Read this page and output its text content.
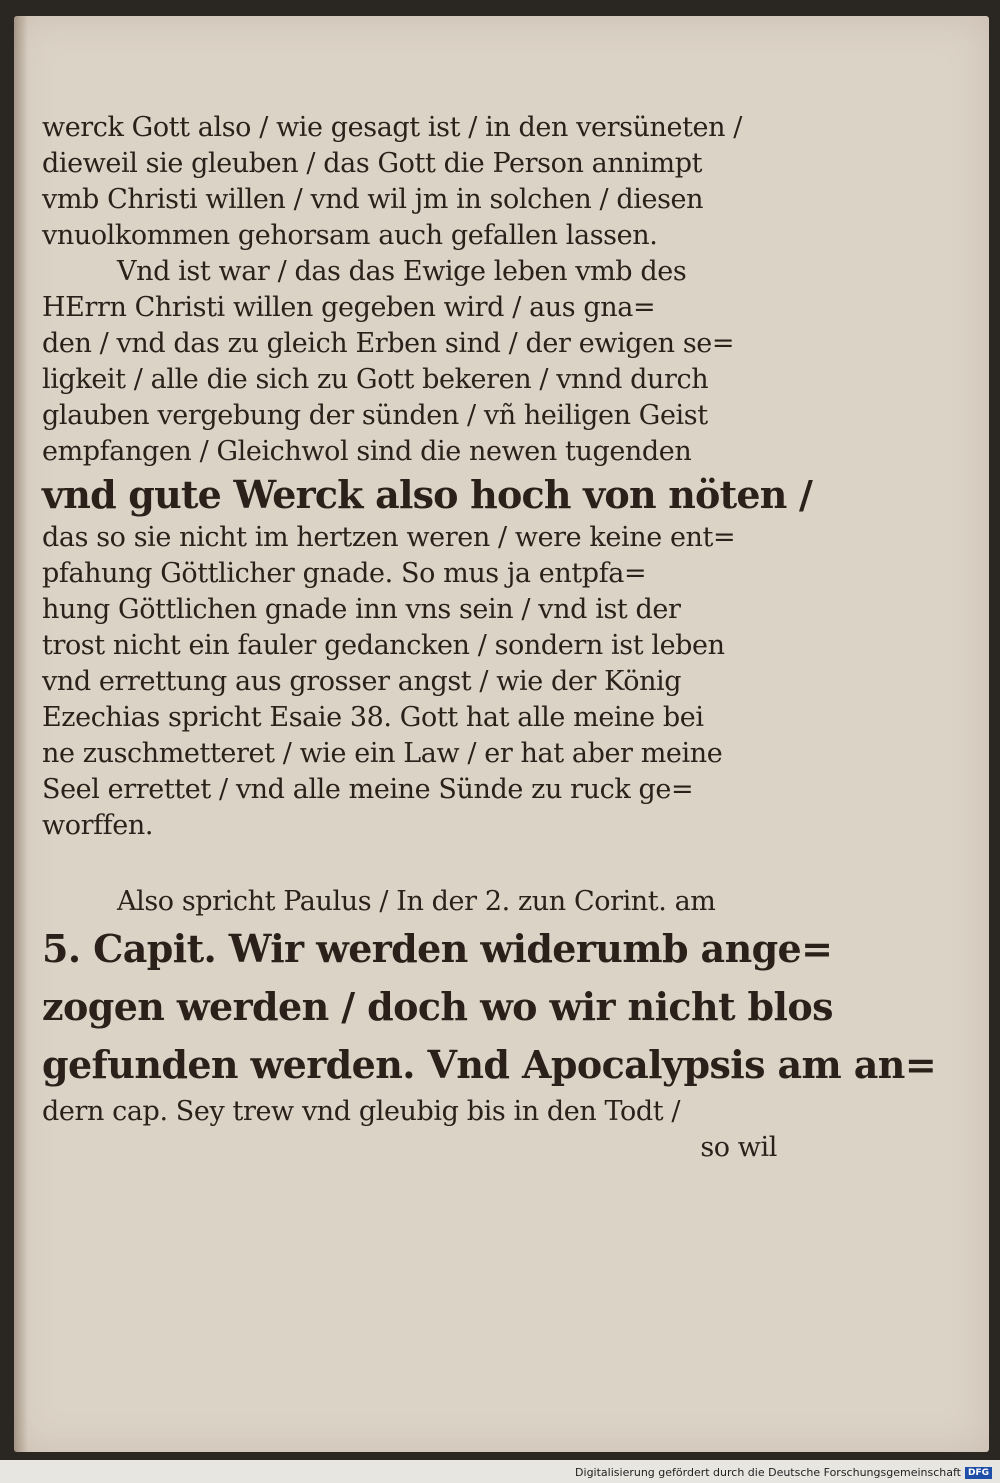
werck Gott also / wie gesagt ist / in den versüneten /
dieweil sie gleuben / das Gott die Person annimpt
vmb Christi willen / vnd wil jm in solchen / diesen
vnuolkommen gehorsam auch gefallen lassen.
Vnd ist war / das das Ewige leben vmb des
HErrn Christi willen gegeben wird / aus gna=
den / vnd das zu gleich Erben sind / der ewigen se=
ligkeit / alle die sich zu Gott bekeren / vnnd durch
glauben vergebung der sünden / vñ heiligen Geist
empfangen / Gleichwol sind die newen tugenden
vnd gute Werck also hoch von nöten /
das so sie nicht im hertzen weren / were keine ent=
pfahung Göttlicher gnade. So mus ja entpfa=
hung Göttlichen gnade inn vns sein / vnd ist der
trost nicht ein fauler gedancken / sondern ist leben
vnd errettung aus grosser angst / wie der König
Ezechias spricht Esaie 38. Gott hat alle meine bei
ne zuschmetteret / wie ein Law / er hat aber meine
Seel errettet / vnd alle meine Sünde zu ruck ge=
worffen.
Also spricht Paulus / In der 2. zun Corint. am
5. Capit. Wir werden widerumb ange=
zogen werden / doch wo wir nicht blos
gefunden werden. Vnd Apocalypsis am an=
dern cap. Sey trew vnd gleubig bis in den Todt /
so wil
Digitalisierung gefördert durch die Deutsche Forschungsgemeinschaft DFG
